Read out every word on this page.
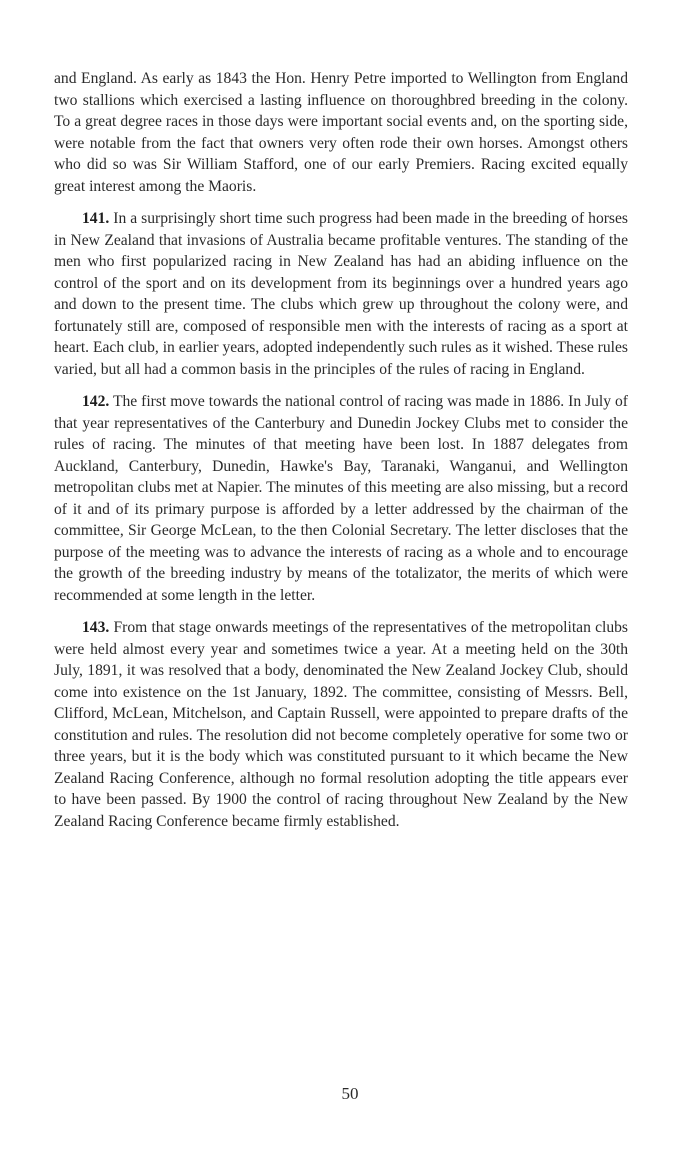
and England. As early as 1843 the Hon. Henry Petre imported to Wellington from England two stallions which exercised a lasting influence on thoroughbred breeding in the colony. To a great degree races in those days were important social events and, on the sporting side, were notable from the fact that owners very often rode their own horses. Amongst others who did so was Sir William Stafford, one of our early Premiers. Racing excited equally great interest among the Maoris.

141. In a surprisingly short time such progress had been made in the breeding of horses in New Zealand that invasions of Australia became profitable ventures. The standing of the men who first popularized racing in New Zealand has had an abiding influence on the control of the sport and on its development from its beginnings over a hundred years ago and down to the present time. The clubs which grew up throughout the colony were, and fortunately still are, composed of responsible men with the interests of racing as a sport at heart. Each club, in earlier years, adopted independently such rules as it wished. These rules varied, but all had a common basis in the principles of the rules of racing in England.

142. The first move towards the national control of racing was made in 1886. In July of that year representatives of the Canterbury and Dunedin Jockey Clubs met to consider the rules of racing. The minutes of that meeting have been lost. In 1887 delegates from Auckland, Canterbury, Dunedin, Hawke's Bay, Taranaki, Wanganui, and Wellington metropolitan clubs met at Napier. The minutes of this meeting are also missing, but a record of it and of its primary purpose is afforded by a letter addressed by the chairman of the committee, Sir George McLean, to the then Colonial Secretary. The letter discloses that the purpose of the meeting was to advance the interests of racing as a whole and to encourage the growth of the breeding industry by means of the totalizator, the merits of which were recommended at some length in the letter.

143. From that stage onwards meetings of the representatives of the metropolitan clubs were held almost every year and sometimes twice a year. At a meeting held on the 30th July, 1891, it was resolved that a body, denominated the New Zealand Jockey Club, should come into existence on the 1st January, 1892. The committee, consisting of Messrs. Bell, Clifford, McLean, Mitchelson, and Captain Russell, were appointed to prepare drafts of the constitution and rules. The resolution did not become completely operative for some two or three years, but it is the body which was constituted pursuant to it which became the New Zealand Racing Conference, although no formal resolution adopting the title appears ever to have been passed. By 1900 the control of racing throughout New Zealand by the New Zealand Racing Conference became firmly established.

50
